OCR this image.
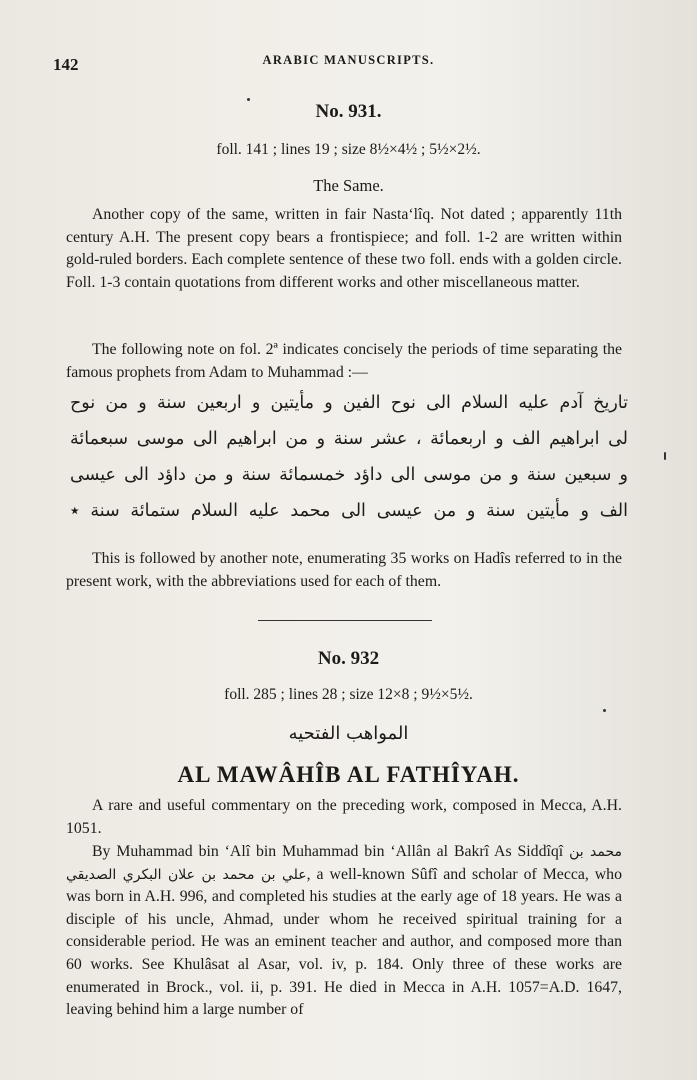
142	ARABIC MANUSCRIPTS.
No. 931.
foll. 141 ; lines 19 ; size 8½×4½ ; 5½×2½.
The Same.
Another copy of the same, written in fair Nasta‘lîq. Not dated ; apparently 11th century A.H. The present copy bears a frontispiece; and foll. 1-2 are written within gold-ruled borders. Each complete sentence of these two foll. ends with a golden circle. Foll. 1-3 contain quotations from different works and other miscellaneous matter.
The following note on fol. 2ª indicates concisely the periods of time separating the famous prophets from Adam to Muhammad :—
تاریخ آدم علیه السلام الی نوح الفین و مأیتین و اربعین سنة و من نوح
لی ابراهیم الف و اربعمائة ، عشر سنة و من ابراهیم الی موسی سبعمائة
و سبعین سنة و من موسی الی داؤد خمسمائة سنة و من داؤد الی عیسی
الف و مأیتین سنة و من عیسی الی محمد علیه السلام ستمائة سنة ٭
This is followed by another note, enumerating 35 works on Hadîs referred to in the present work, with the abbreviations used for each of them.
No. 932
foll. 285 ; lines 28 ; size 12×8 ; 9½×5½.
المواهب الفتحیه
AL MAWÂHÎB AL FATHÎYAH.
A rare and useful commentary on the preceding work, composed in Mecca, A.H. 1051.
By Muhammad bin ‘Alî bin Muhammad bin ‘Allân al Bakrî As Siddîqî محمد بن علي بن محمد بن علان البكري الصديقي, a well-known Sûfî and scholar of Mecca, who was born in A.H. 996, and completed his studies at the early age of 18 years. He was a disciple of his uncle, Ahmad, under whom he received spiritual training for a considerable period. He was an eminent teacher and author, and composed more than 60 works. See Khulâsat al Asar, vol. iv, p. 184. Only three of these works are enumerated in Brock., vol. ii, p. 391. He died in Mecca in A.H. 1057=A.D. 1647, leaving behind him a large number of
